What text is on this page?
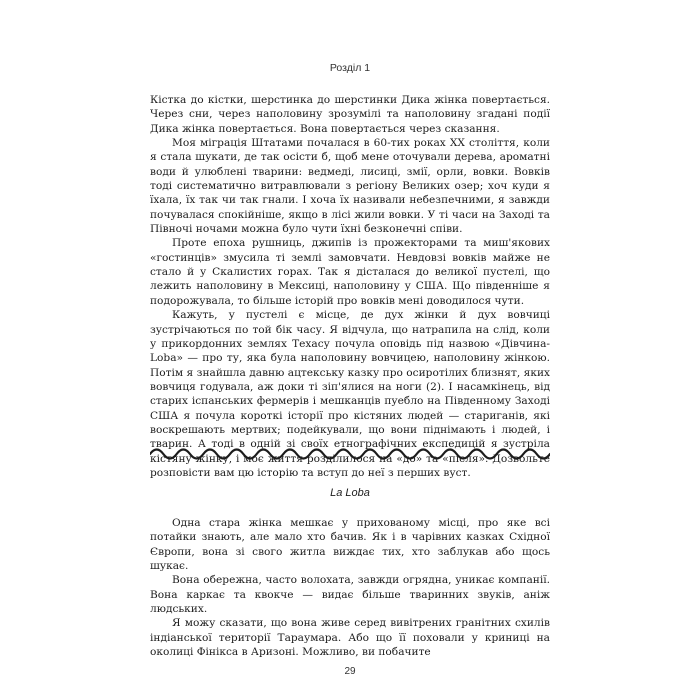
Розділ 1

Кістка до кістки, шерстинка до шерстинки Дика жінка повертається. Через сни, через наполовину зрозумілі та наполовину згадані події Дика жінка повертається. Вона повертається через сказання.

Моя міграція Штатами почалася в 60-тих роках ХХ століття, коли я стала шукати, де так осісти б, щоб мене оточували дерева, ароматні води й улюблені тварини: ведмеді, лисиці, змії, орли, вовки. Вовків тоді систематично витравлювали з регіону Великих озер; хоч куди я їхала, їх так чи так гнали. І хоча їх називали небезпечними, я завжди почувалася спокійніше, якщо в лісі жили вовки. У ті часи на Заході та Півночі ночами можна було чути їхні безконечні співи.

Проте епоха рушниць, джипів із прожекторами та миш'якових «гостинців» змусила ті землі замовчати. Невдовзі вовків майже не стало й у Скалистих горах. Так я дісталася до великої пустелі, що лежить наполовину в Мексиці, наполовину у США. Що південніше я подорожувала, то більше історій про вовків мені доводилося чути.

Кажуть, у пустелі є місце, де дух жінки й дух вовчиці зустрічаються по той бік часу. Я відчула, що натрапила на слід, коли у прикордонних землях Техасу почула оповідь під назвою «Дівчина-Loba» — про ту, яка була наполовину вовчицею, наполовину жінкою. Потім я знайшла давню ацтекську казку про осиротілих близнят, яких вовчиця годувала, аж доки ті зіп'ялися на ноги (2). І насамкінець, від старих іспанських фермерів і мешканців пуебло на Південному Заході США я почула короткі історії про кістяних людей — стариганів, які воскрешають мертвих; подейкували, що вони піднімають і людей, і тварин. А тоді в одній зі своїх етнографічних експедицій я зустріла кістяну жінку, і моє життя розділилося на «до» та «після». Дозвольте розповісти вам цю історію та вступ до неї з перших вуст.

La Loba

Одна стара жінка мешкає у прихованому місці, про яке всі потайки знають, але мало хто бачив. Як і в чарівних казках Східної Європи, вона зі свого житла виждає тих, хто заблукав або щось шукає.

Вона обережна, часто волохата, завжди огрядна, уникає компанії. Вона каркає та квокче — видає більше тваринних звуків, аніж людських.

Я можу сказати, що вона живе серед вивітрених гранітних схилів індіанської території Тараумара. Або що її поховали у криниці на околиці Фінікса в Аризоні. Можливо, ви побачите

29
